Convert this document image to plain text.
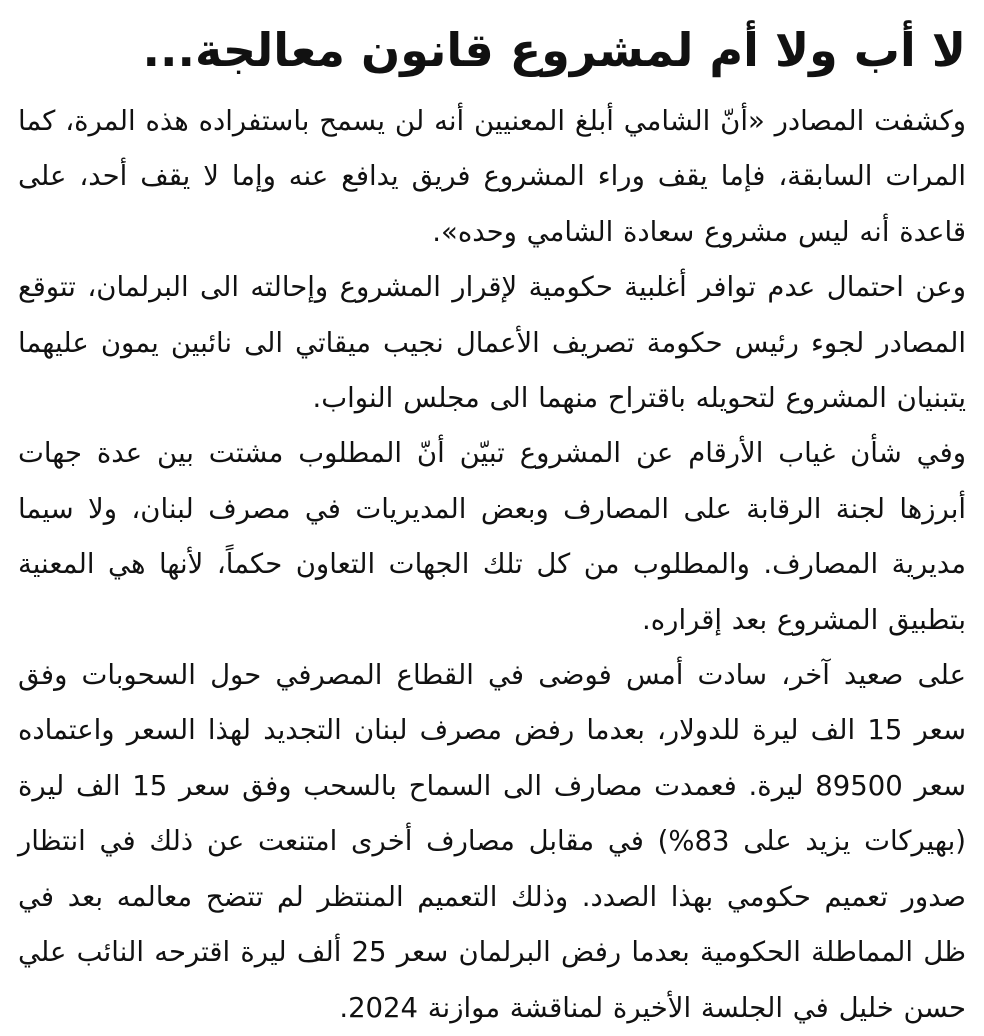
لا أب ولا أم لمشروع قانون معالجة...

وكشفت المصادر «أنّ الشامي أبلغ المعنيين أنه لن يسمح باستفراده هذه المرة، كما المرات السابقة، فإما يقف وراء المشروع فريق يدافع عنه وإما لا يقف أحد، على قاعدة أنه ليس مشروع سعادة الشامي وحده».

وعن احتمال عدم توافر أغلبية حكومية لإقرار المشروع وإحالته الى البرلمان، تتوقع المصادر لجوء رئيس حكومة تصريف الأعمال نجيب ميقاتي الى نائبين يمون عليهما يتبنيان المشروع لتحويله باقتراح منهما الى مجلس النواب.

وفي شأن غياب الأرقام عن المشروع تبيّن أنّ المطلوب مشتت بين عدة جهات أبرزها لجنة الرقابة على المصارف وبعض المديريات في مصرف لبنان، ولا سيما مديرية المصارف. والمطلوب من كل تلك الجهات التعاون حكماً، لأنها هي المعنية بتطبيق المشروع بعد إقراره.

على صعيد آخر، سادت أمس فوضى في القطاع المصرفي حول السحوبات وفق سعر 15 الف ليرة للدولار، بعدما رفض مصرف لبنان التجديد لهذا السعر واعتماده سعر 89500 ليرة. فعمدت مصارف الى السماح بالسحب وفق سعر 15 الف ليرة (بهيركات يزيد على 83%) في مقابل مصارف أخرى امتنعت عن ذلك في انتظار صدور تعميم حكومي بهذا الصدد. وذلك التعميم المنتظر لم تتضح معالمه بعد في ظل المماطلة الحكومية بعدما رفض البرلمان سعر 25 ألف ليرة اقترحه النائب علي حسن خليل في الجلسة الأخيرة لمناقشة موازنة 2024.
